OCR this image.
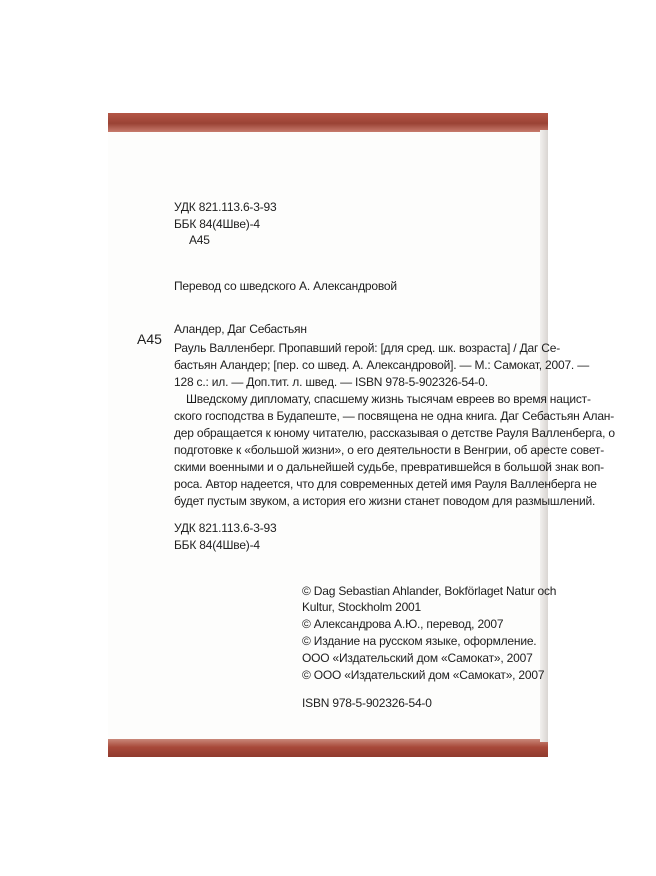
УДК 821.113.6-3-93
ББК 84(4Шве)-4
А45
Перевод со шведского А. Александровой
А45
Аландер, Даг Себастьян
Рауль Валленберг. Пропавший герой: [для сред. шк. возраста] / Даг Се-
бастьян Аландер; [пер. со швед. А. Александровой]. — М.: Самокат, 2007. —
128 с.: ил. — Доп.тит. л. швед. — ISBN 978-5-902326-54-0.
Шведскому дипломату, спасшему жизнь тысячам евреев во время нацист-
ского господства в Будапеште, — посвящена не одна книга. Даг Себастьян Алан-
дер обращается к юному читателю, рассказывая о детстве Рауля Валленберга, о
подготовке к «большой жизни», о его деятельности в Венгрии, об аресте совет-
скими военными и о дальнейшей судьбе, превратившейся в большой знак воп-
роса. Автор надеется, что для современных детей имя Рауля Валленберга не
будет пустым звуком, а история его жизни станет поводом для размышлений.
УДК 821.113.6-3-93
ББК 84(4Шве)-4
© Dag Sebastian Ahlander, Bokförlaget Natur och
Kultur, Stockholm 2001
© Александрова А.Ю., перевод, 2007
© Издание на русском языке, оформление.
ООО «Издательский дом «Самокат», 2007
© ООО «Издательский дом «Самокат», 2007
ISBN 978-5-902326-54-0
